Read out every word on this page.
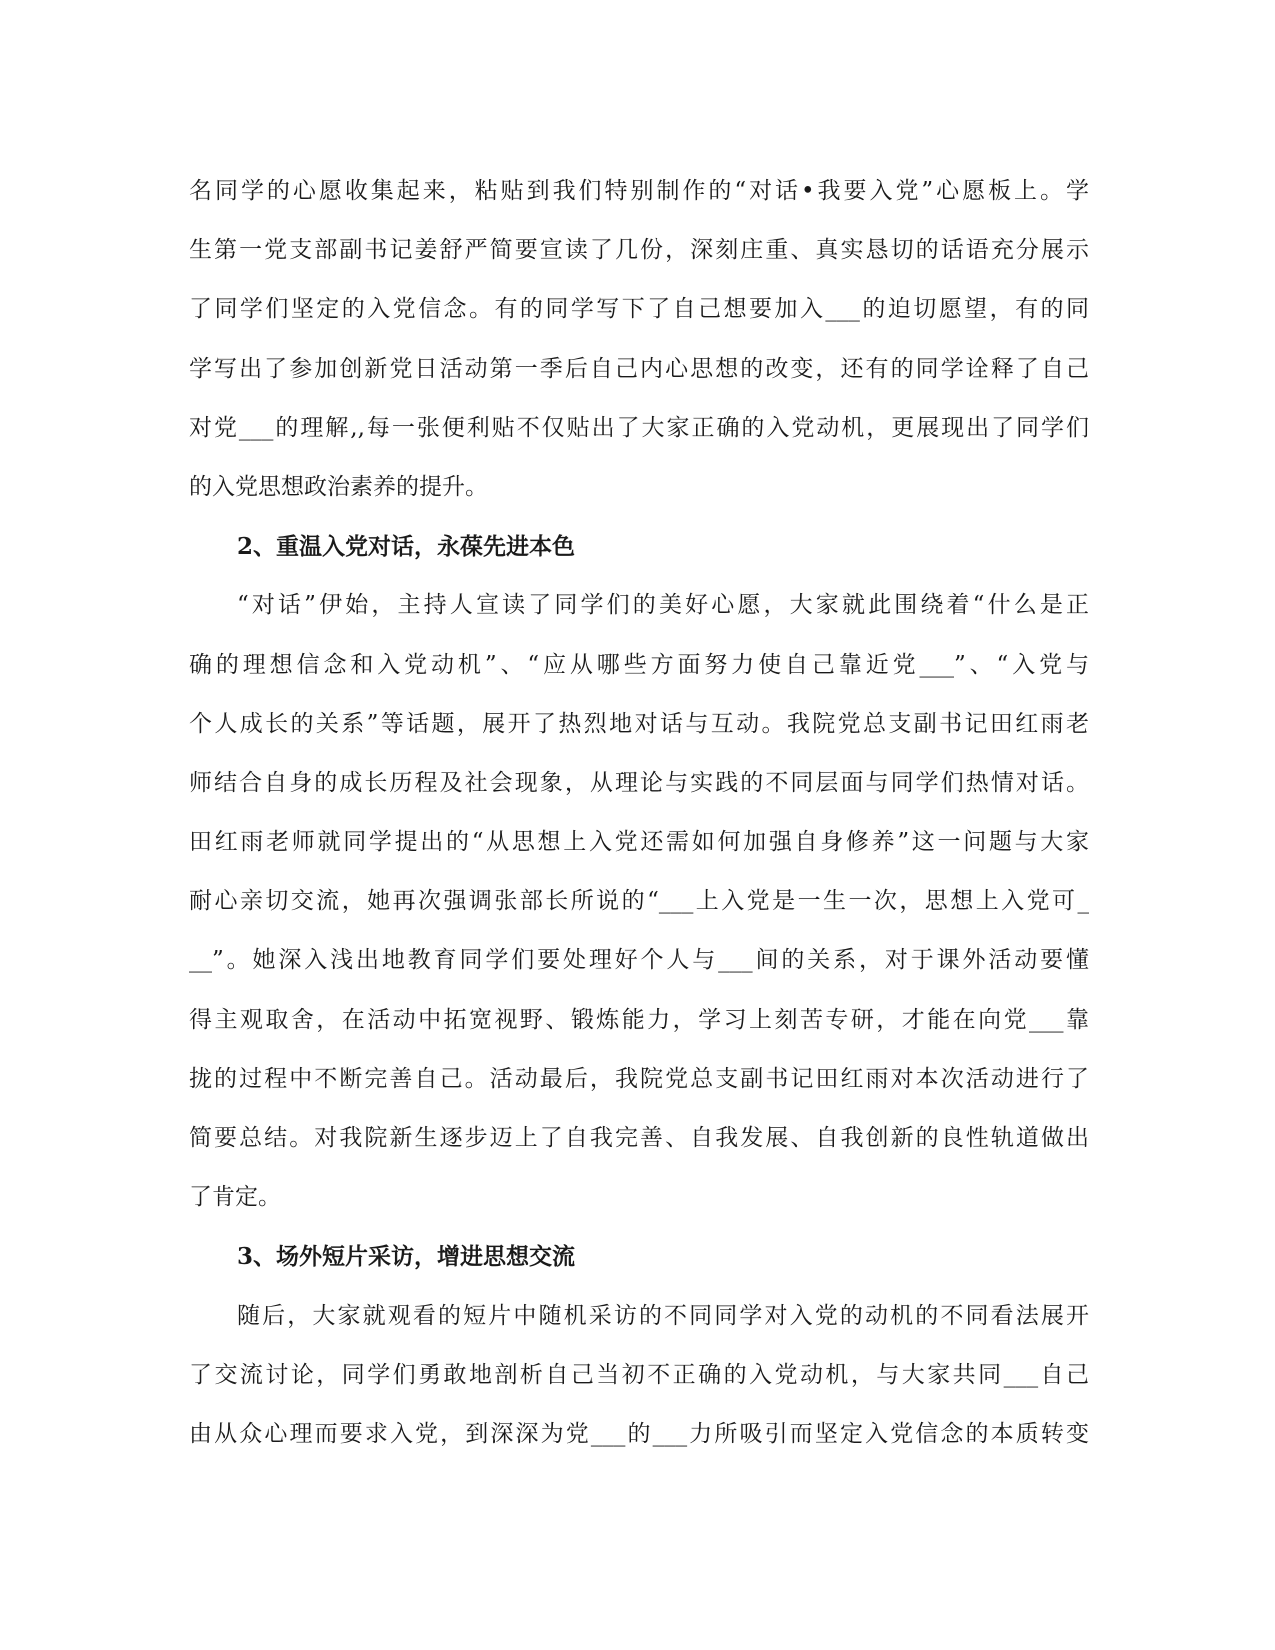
名同学的心愿收集起来，粘贴到我们特别制作的“对话•我要入党”心愿板上。学
生第一党支部副书记姜舒严简要宣读了几份，深刻庄重、真实恳切的话语充分展示
了同学们坚定的入党信念。有的同学写下了自己想要加入___的迫切愿望，有的同
学写出了参加创新党日活动第一季后自己内心思想的改变，还有的同学诠释了自己
对党___的理解,,每一张便利贴不仅贴出了大家正确的入党动机，更展现出了同学们
的入党思想政治素养的提升。
2、重温入党对话，永葆先进本色
“对话”伊始，主持人宣读了同学们的美好心愿，大家就此围绕着“什么是正
确的理想信念和入党动机”、“应从哪些方面努力使自己靠近党___”、“入党与
个人成长的关系”等话题，展开了热烈地对话与互动。我院党总支副书记田红雨老
师结合自身的成长历程及社会现象，从理论与实践的不同层面与同学们热情对话。
田红雨老师就同学提出的“从思想上入党还需如何加强自身修养”这一问题与大家
耐心亲切交流，她再次强调张部长所说的“___上入党是一生一次，思想上入党可_
__”。她深入浅出地教育同学们要处理好个人与___间的关系，对于课外活动要懂
得主观取舍，在活动中拓宽视野、锻炼能力，学习上刻苦专研，才能在向党___靠
拢的过程中不断完善自己。活动最后，我院党总支副书记田红雨对本次活动进行了
简要总结。对我院新生逐步迈上了自我完善、自我发展、自我创新的良性轨道做出
了肯定。
3、场外短片采访，增进思想交流
随后，大家就观看的短片中随机采访的不同同学对入党的动机的不同看法展开
了交流讨论，同学们勇敢地剖析自己当初不正确的入党动机，与大家共同___自己
由从众心理而要求入党，到深深为党___的___力所吸引而坚定入党信念的本质转变
